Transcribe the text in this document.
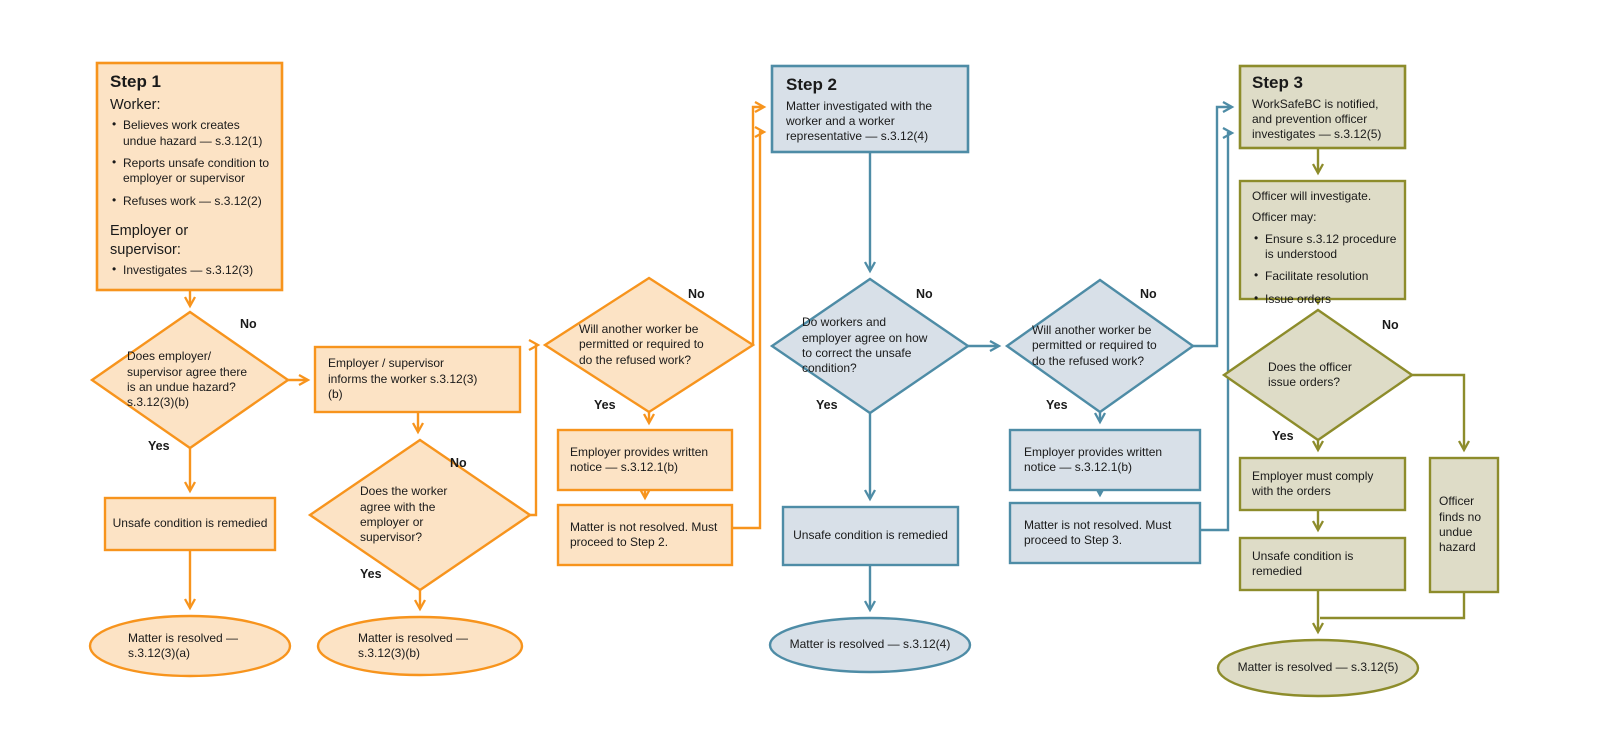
Step 1
Worker:
• Believes work creates undue hazard — s.3.12(1)
• Reports unsafe condition to employer or supervisor
• Refuses work — s.3.12(2)
Employer or supervisor:
• Investigates — s.3.12(3)
Does employer/ supervisor agree there is an undue hazard? s.3.12(3)(b)
No
Yes
Employer / supervisor informs the worker s.3.12(3)(b)
Unsafe condition is remedied
Matter is resolved — s.3.12(3)(a)
Does the worker agree with the employer or supervisor?
No
Yes
Matter is resolved — s.3.12(3)(b)
Will another worker be permitted or required to do the refused work?
No
Yes
Employer provides written notice — s.3.12.1(b)
Matter is not resolved. Must proceed to Step 2.
Step 2
Matter investigated with the worker and a worker representative — s.3.12(4)
Do workers and employer agree on how to correct the unsafe condition?
No
Yes
Will another worker be permitted or required to do the refused work?
No
Yes
Unsafe condition is remedied
Matter is resolved — s.3.12(4)
Employer provides written notice — s.3.12.1(b)
Matter is not resolved. Must proceed to Step 3.
Step 3
WorkSafeBC is notified, and prevention officer investigates — s.3.12(5)
Officer will investigate.
Officer may:
• Ensure s.3.12 procedure is understood
• Facilitate resolution
• Issue orders
Does the officer issue orders?
No
Yes
Employer must comply with the orders
Unsafe condition is remedied
Officer finds no undue hazard
Matter is resolved — s.3.12(5)
